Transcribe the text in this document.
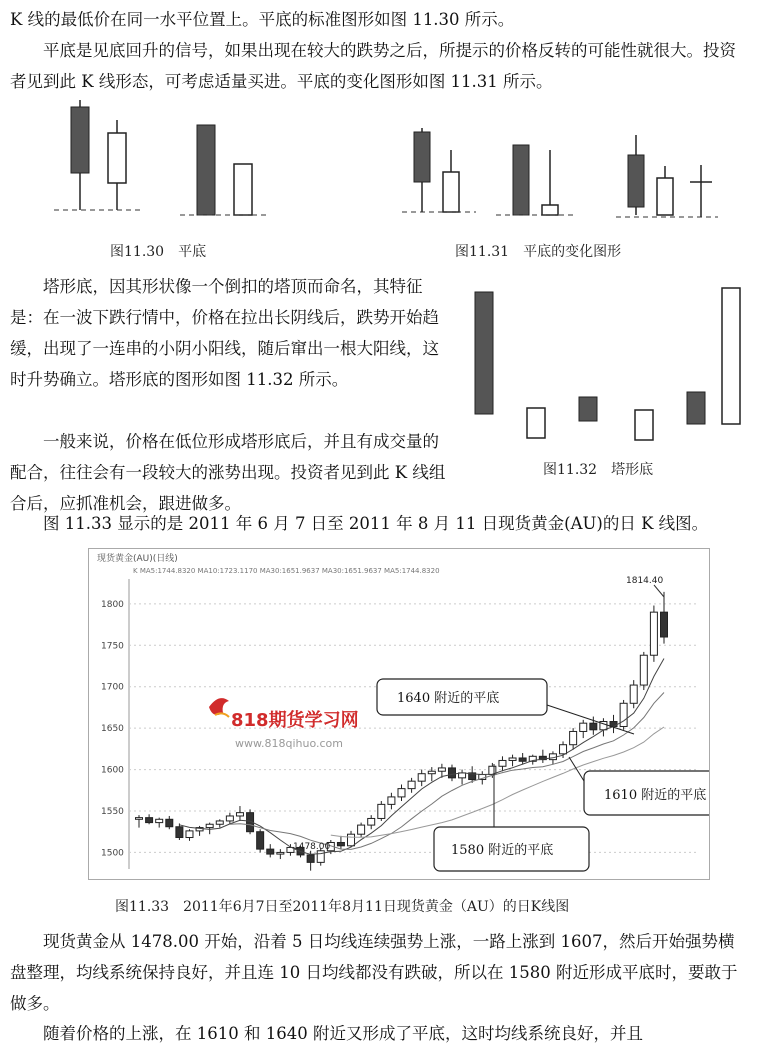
K 线的最低价在同一水平位置上。平底的标准图形如图 11.30 所示。

平底是见底回升的信号，如果出现在较大的跌势之后，所提示的价格反转的可能性就很大。投资者见到此 K 线形态，可考虑适量买进。平底的变化图形如图 11.31 所示。

图11.30　平底	图11.31　平底的变化图形

塔形底，因其形状像一个倒扣的塔顶而命名，其特征是：在一波下跌行情中，价格在拉出长阴线后，跌势开始趋缓，出现了一连串的小阴小阳线，随后窜出一根大阳线，这时升势确立。塔形底的图形如图 11.32 所示。

一般来说，价格在低位形成塔形底后，并且有成交量的配合，往往会有一段较大的涨势出现。投资者见到此 K 线组合后，应抓准机会，跟进做多。

图11.32　塔形底

图 11.33 显示的是 2011 年 6 月 7 日至 2011 年 8 月 11 日现货黄金(AU)的日 K 线图。

现货黄金(AU)(日线)
K MA5:1744.8320 MA10:1723.1170 MA30:1651.9637 MA30:1651.9637 MA5:1744.8320
1800
1750
1700
1650
1600
1550
1500
1814.40
1478.00
818期货学习网
www.818qihuo.com
1640 附近的平底
1610 附近的平底
1580 附近的平底
图11.33　2011年6月7日至2011年8月11日现货黄金（AU）的日K线图

现货黄金从 1478.00 开始，沿着 5 日均线连续强势上涨，一路上涨到 1607，然后开始强势横盘整理，均线系统保持良好，并且连 10 日均线都没有跌破，所以在 1580 附近形成平底时，要敢于做多。

随着价格的上涨，在 1610 和 1640 附近又形成了平底，这时均线系统良好，并且
